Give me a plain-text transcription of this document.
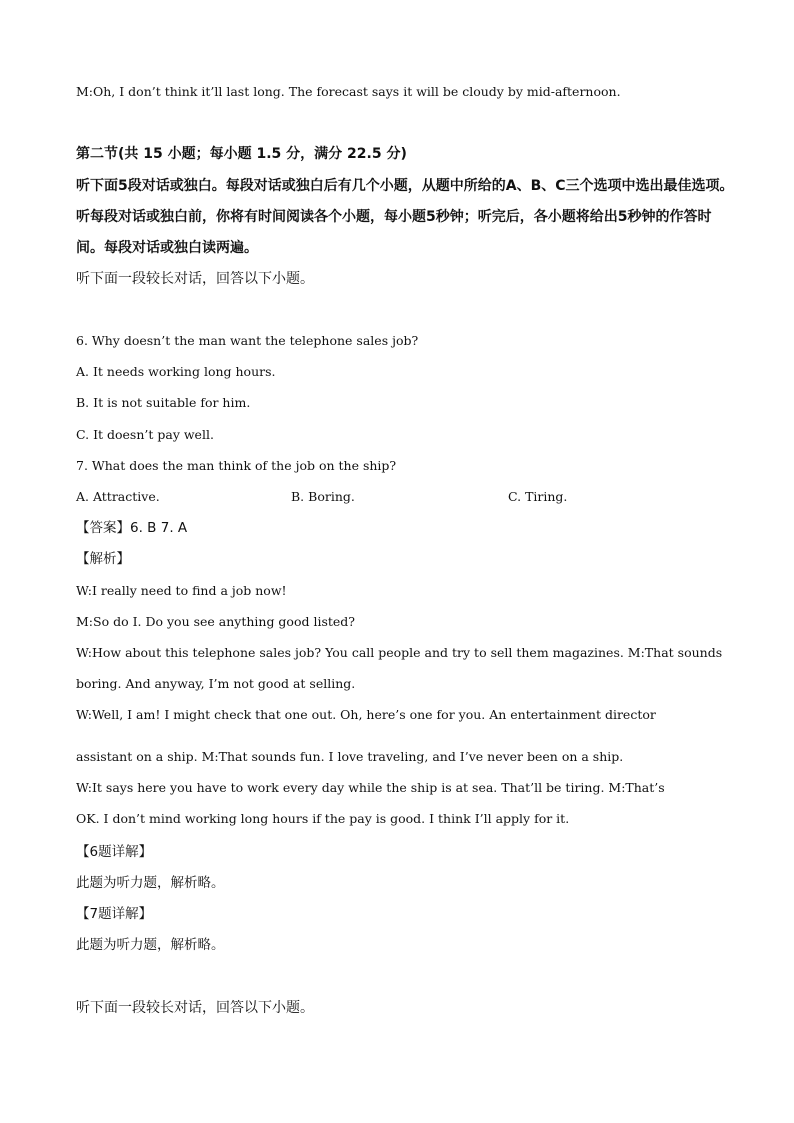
M:Oh, I don’t think it’ll last long. The forecast says it will be cloudy by mid-afternoon.
第二节(共 15 小题；每小题 1.5 分，满分 22.5 分)
听下面5段对话或独白。每段对话或独白后有几个小题，从题中所给的A、B、C三个选项中选出最佳选项。
听每段对话或独白前，你将有时间阅读各个小题，每小题5秒钟；听完后，各小题将给出5秒钟的作答时
间。每段对话或独白读两遍。
听下面一段较长对话，回答以下小题。
6. Why doesn’t the man want the telephone sales job?
A. It needs working long hours.
B. It is not suitable for him.
C. It doesn’t pay well.
7. What does the man think of the job on the ship?
A. Attractive.	B. Boring.	C. Tiring.
【答案】6. B 7. A
【解析】
W:I really need to find a job now!
M:So do I. Do you see anything good listed?
W:How about this telephone sales job? You call people and try to sell them magazines. M:That sounds
boring. And anyway, I’m not good at selling.
W:Well, I am! I might check that one out. Oh, here’s one for you. An entertainment director
assistant on a ship. M:That sounds fun. I love traveling, and I’ve never been on a ship.
W:It says here you have to work every day while the ship is at sea. That’ll be tiring. M:That’s
OK. I don’t mind working long hours if the pay is good. I think I’ll apply for it.
【6题详解】
此题为听力题，解析略。
【7题详解】
此题为听力题，解析略。
听下面一段较长对话，回答以下小题。
